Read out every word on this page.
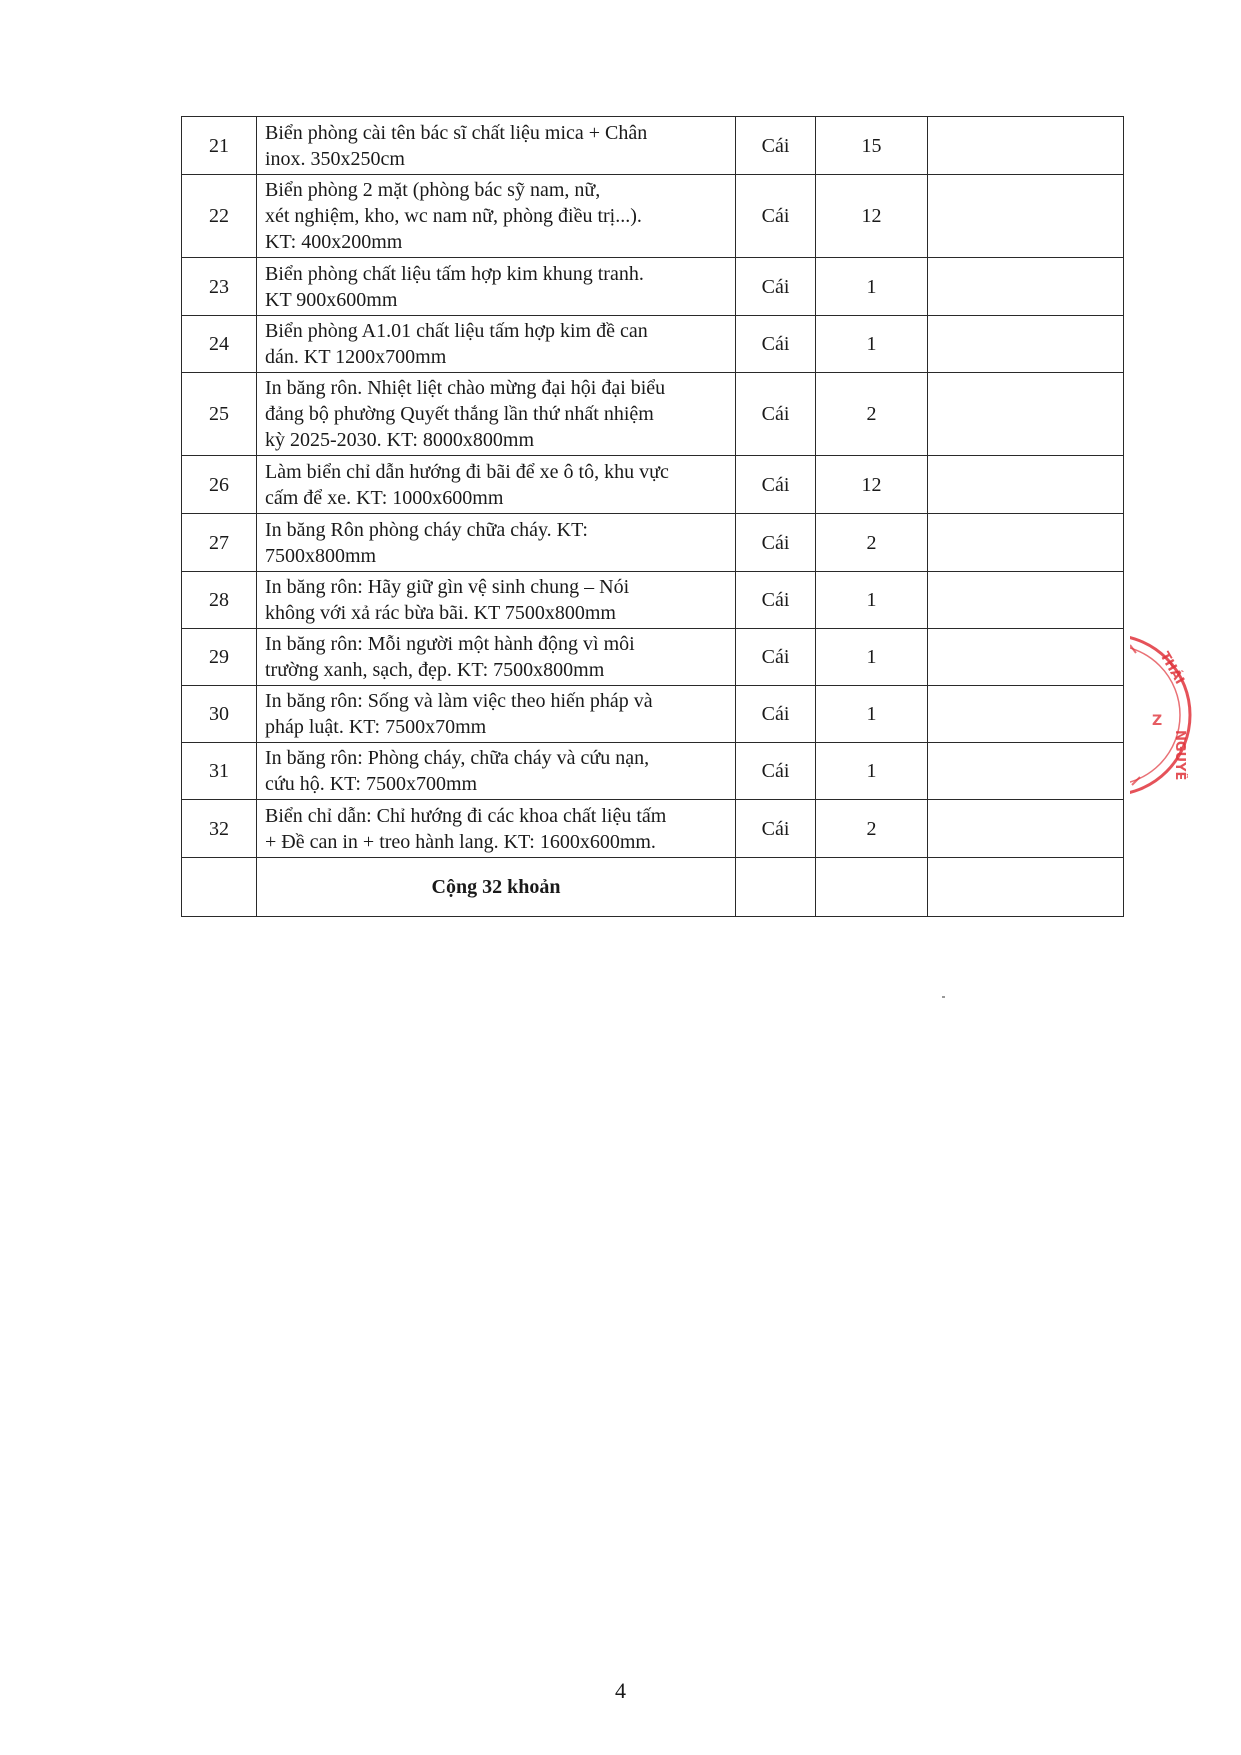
21	Biển phòng cài tên bác sĩ chất liệu mica + Chân
inox. 350x250cm	Cái	15	
22	Biển phòng 2 mặt (phòng bác sỹ nam, nữ,
xét nghiệm, kho, wc nam nữ, phòng điều trị...).
KT: 400x200mm	Cái	12	
23	Biển phòng chất liệu tấm hợp kim khung tranh.
KT 900x600mm	Cái	1	
24	Biển phòng A1.01 chất liệu tấm hợp kim đề can
dán. KT 1200x700mm	Cái	1	
25	In băng rôn. Nhiệt liệt chào mừng đại hội đại biểu
đảng bộ phường Quyết thắng lần thứ nhất nhiệm
kỳ 2025-2030. KT: 8000x800mm	Cái	2	
26	Làm biển chỉ dẫn hướng đi bãi để xe ô tô, khu vực
cấm để xe. KT: 1000x600mm	Cái	12	
27	In băng Rôn phòng cháy chữa cháy. KT:
7500x800mm	Cái	2	
28	In băng rôn: Hãy giữ gìn vệ sinh chung – Nói
không với xả rác bừa bãi. KT 7500x800mm	Cái	1	
29	In băng rôn: Mỗi người một hành động vì môi
trường xanh, sạch, đẹp. KT: 7500x800mm	Cái	1	
30	In băng rôn: Sống và làm việc theo hiến pháp và
pháp luật. KT: 7500x70mm	Cái	1	
31	In băng rôn: Phòng cháy, chữa cháy và cứu nạn,
cứu hộ. KT: 7500x700mm	Cái	1	
32	Biển chỉ dẫn: Chỉ hướng đi các khoa chất liệu tấm
+ Đề can in + treo hành lang. KT: 1600x600mm.	Cái	2	
	Cộng 32 khoản			
THÁI
Z
NGUYÊ
4
